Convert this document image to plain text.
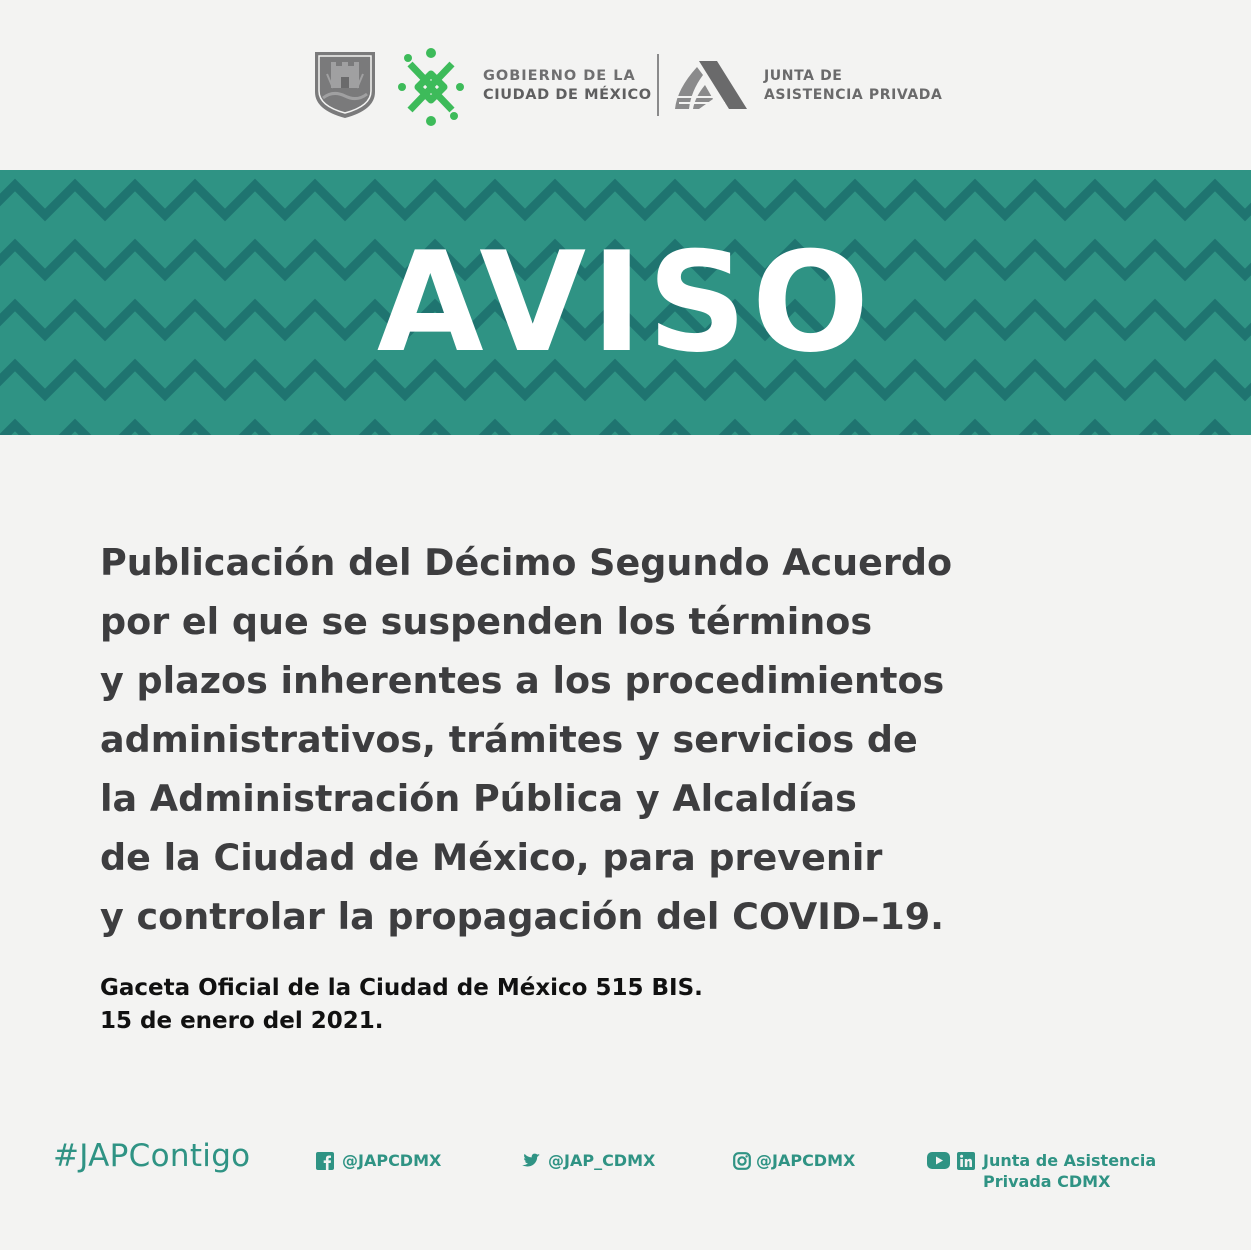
GOBIERNO DE LA
CIUDAD DE MÉXICO
JUNTA DE
ASISTENCIA PRIVADA
AVISO

Publicación del Décimo Segundo Acuerdo
por el que se suspenden los términos
y plazos inherentes a los procedimientos
administrativos, trámites y servicios de
la Administración Pública y Alcaldías
de la Ciudad de México, para prevenir
y controlar la propagación del COVID–19.

Gaceta Oficial de la Ciudad de México 515 BIS.
15 de enero del 2021.
#JAPContigo	@JAPCDMX	@JAP_CDMX	@JAPCDMX	Junta de Asistencia
Privada CDMX
